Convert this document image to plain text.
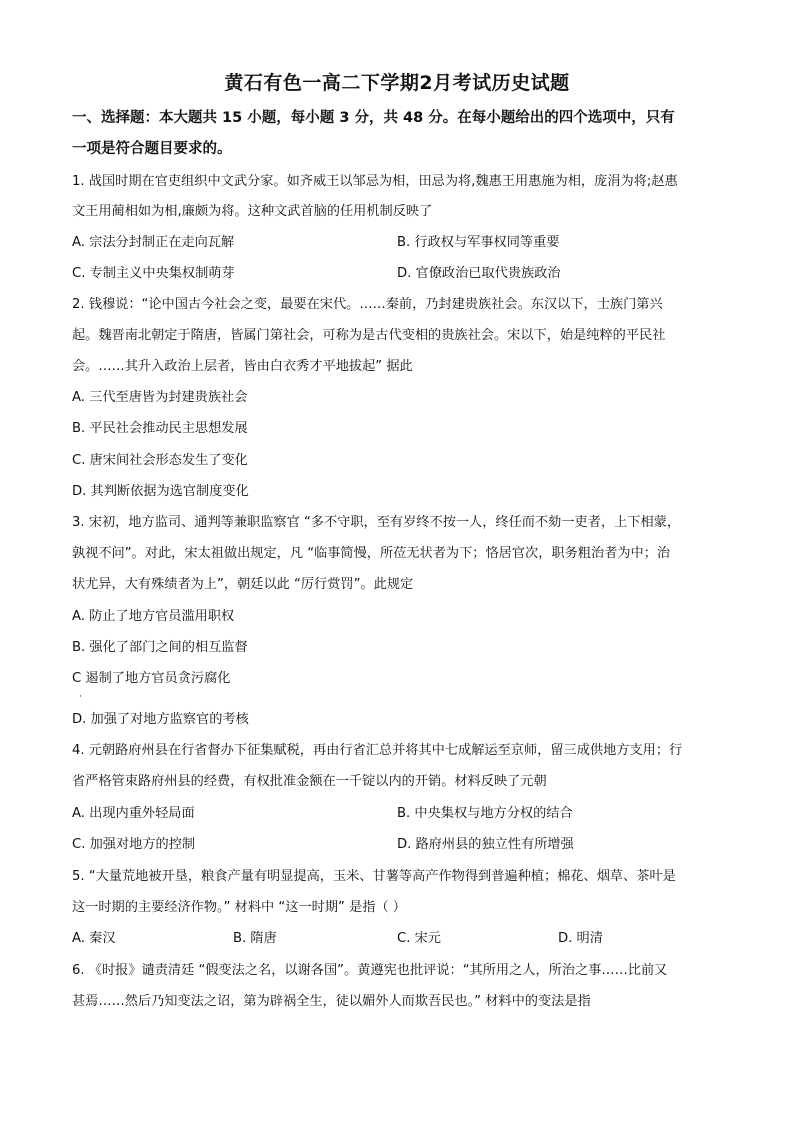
黄石有色一高二下学期2月考试历史试题
一、选择题：本大题共 15 小题，每小题 3 分，共 48 分。在每小题给出的四个选项中，只有
一项是符合题目要求的。
1. 战国时期在官吏组织中文武分家。如齐威王以邹忌为相，田忌为将,魏惠王用惠施为相，庞涓为将;赵惠
文王用蔺相如为相,廉颇为将。这种文武首脑的任用机制反映了
A. 宗法分封制正在走向瓦解	B. 行政权与军事权同等重要
C. 专制主义中央集权制萌芽	D. 官僚政治已取代贵族政治
2. 钱穆说：“论中国古今社会之变，最要在宋代。……秦前，乃封建贵族社会。东汉以下，士族门第兴
起。魏晋南北朝定于隋唐，皆属门第社会，可称为是古代变相的贵族社会。宋以下，始是纯粹的平民社
会。……其升入政治上层者，皆由白衣秀才平地拔起” 据此
A. 三代至唐皆为封建贵族社会
B. 平民社会推动民主思想发展
C. 唐宋间社会形态发生了变化
D. 其判断依据为选官制度变化
3. 宋初，地方监司、通判等兼职监察官 “多不守职，至有岁终不按一人，终任而不劾一吏者，上下相蒙，
孰视不问”。对此，宋太祖做出规定，凡 “临事简慢，所莅无状者为下；恪居官次，职务粗治者为中；治
状尤异，大有殊绩者为上”，朝廷以此 “厉行赏罚”。此规定
A. 防止了地方官员滥用职权
B. 强化了部门之间的相互监督
C 遏制了地方官员贪污腐化
·
D. 加强了对地方监察官的考核
4. 元朝路府州县在行省督办下征集赋税，再由行省汇总并将其中七成解运至京师，留三成供地方支用；行
省严格管束路府州县的经费，有权批准金额在一千锭以内的开销。材料反映了元朝
A. 出现内重外轻局面	B. 中央集权与地方分权的结合
C. 加强对地方的控制	D. 路府州县的独立性有所增强
5. “大量荒地被开垦，粮食产量有明显提高，玉米、甘薯等高产作物得到普遍种植；棉花、烟草、茶叶是
这一时期的主要经济作物。” 材料中 “这一时期” 是指（ ）
A. 秦汉	B. 隋唐	C. 宋元	D. 明清
6. 《时报》谴责清廷 “假变法之名，以谢各国”。黄遵宪也批评说：“其所用之人，所治之事……比前又
甚焉……然后乃知变法之诏，第为辟祸全生，徒以媚外人而欺吾民也。” 材料中的变法是指
